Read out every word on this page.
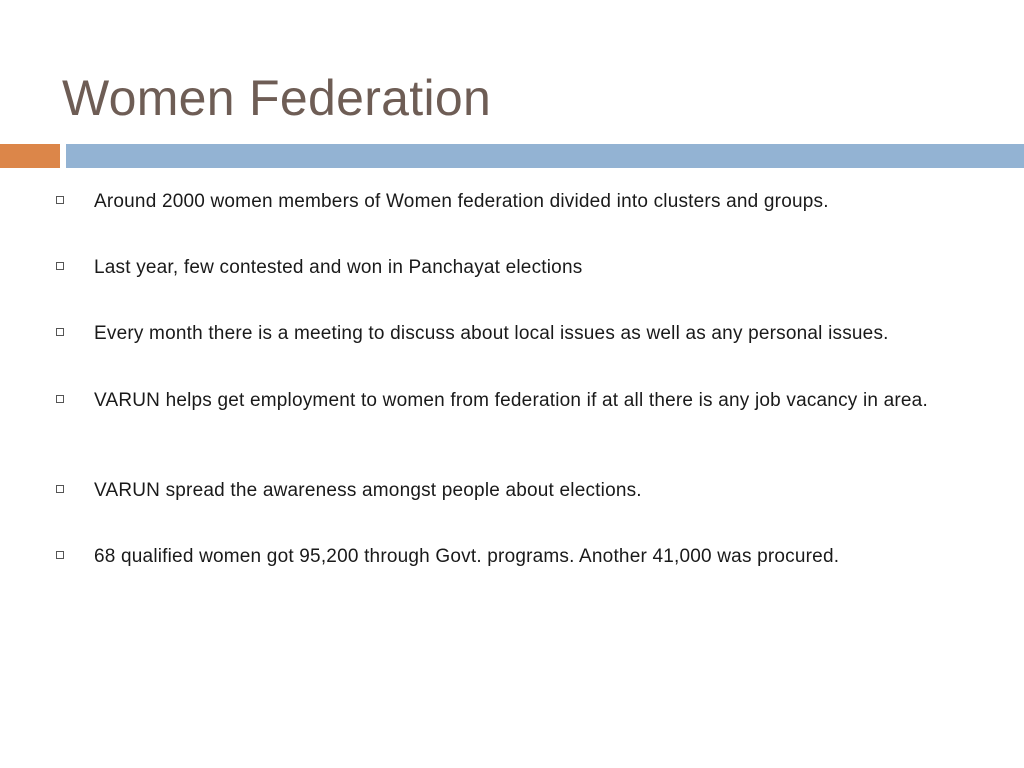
Women Federation
Around 2000 women members of Women federation divided into clusters and groups.
Last year, few contested and won in Panchayat elections
Every month there is a meeting to discuss about local issues as well as any personal issues.
VARUN helps get employment to women from federation if at all there is any job vacancy in area.
VARUN spread the awareness amongst people about elections.
68 qualified women got 95,200 through Govt. programs. Another 41,000 was procured.
